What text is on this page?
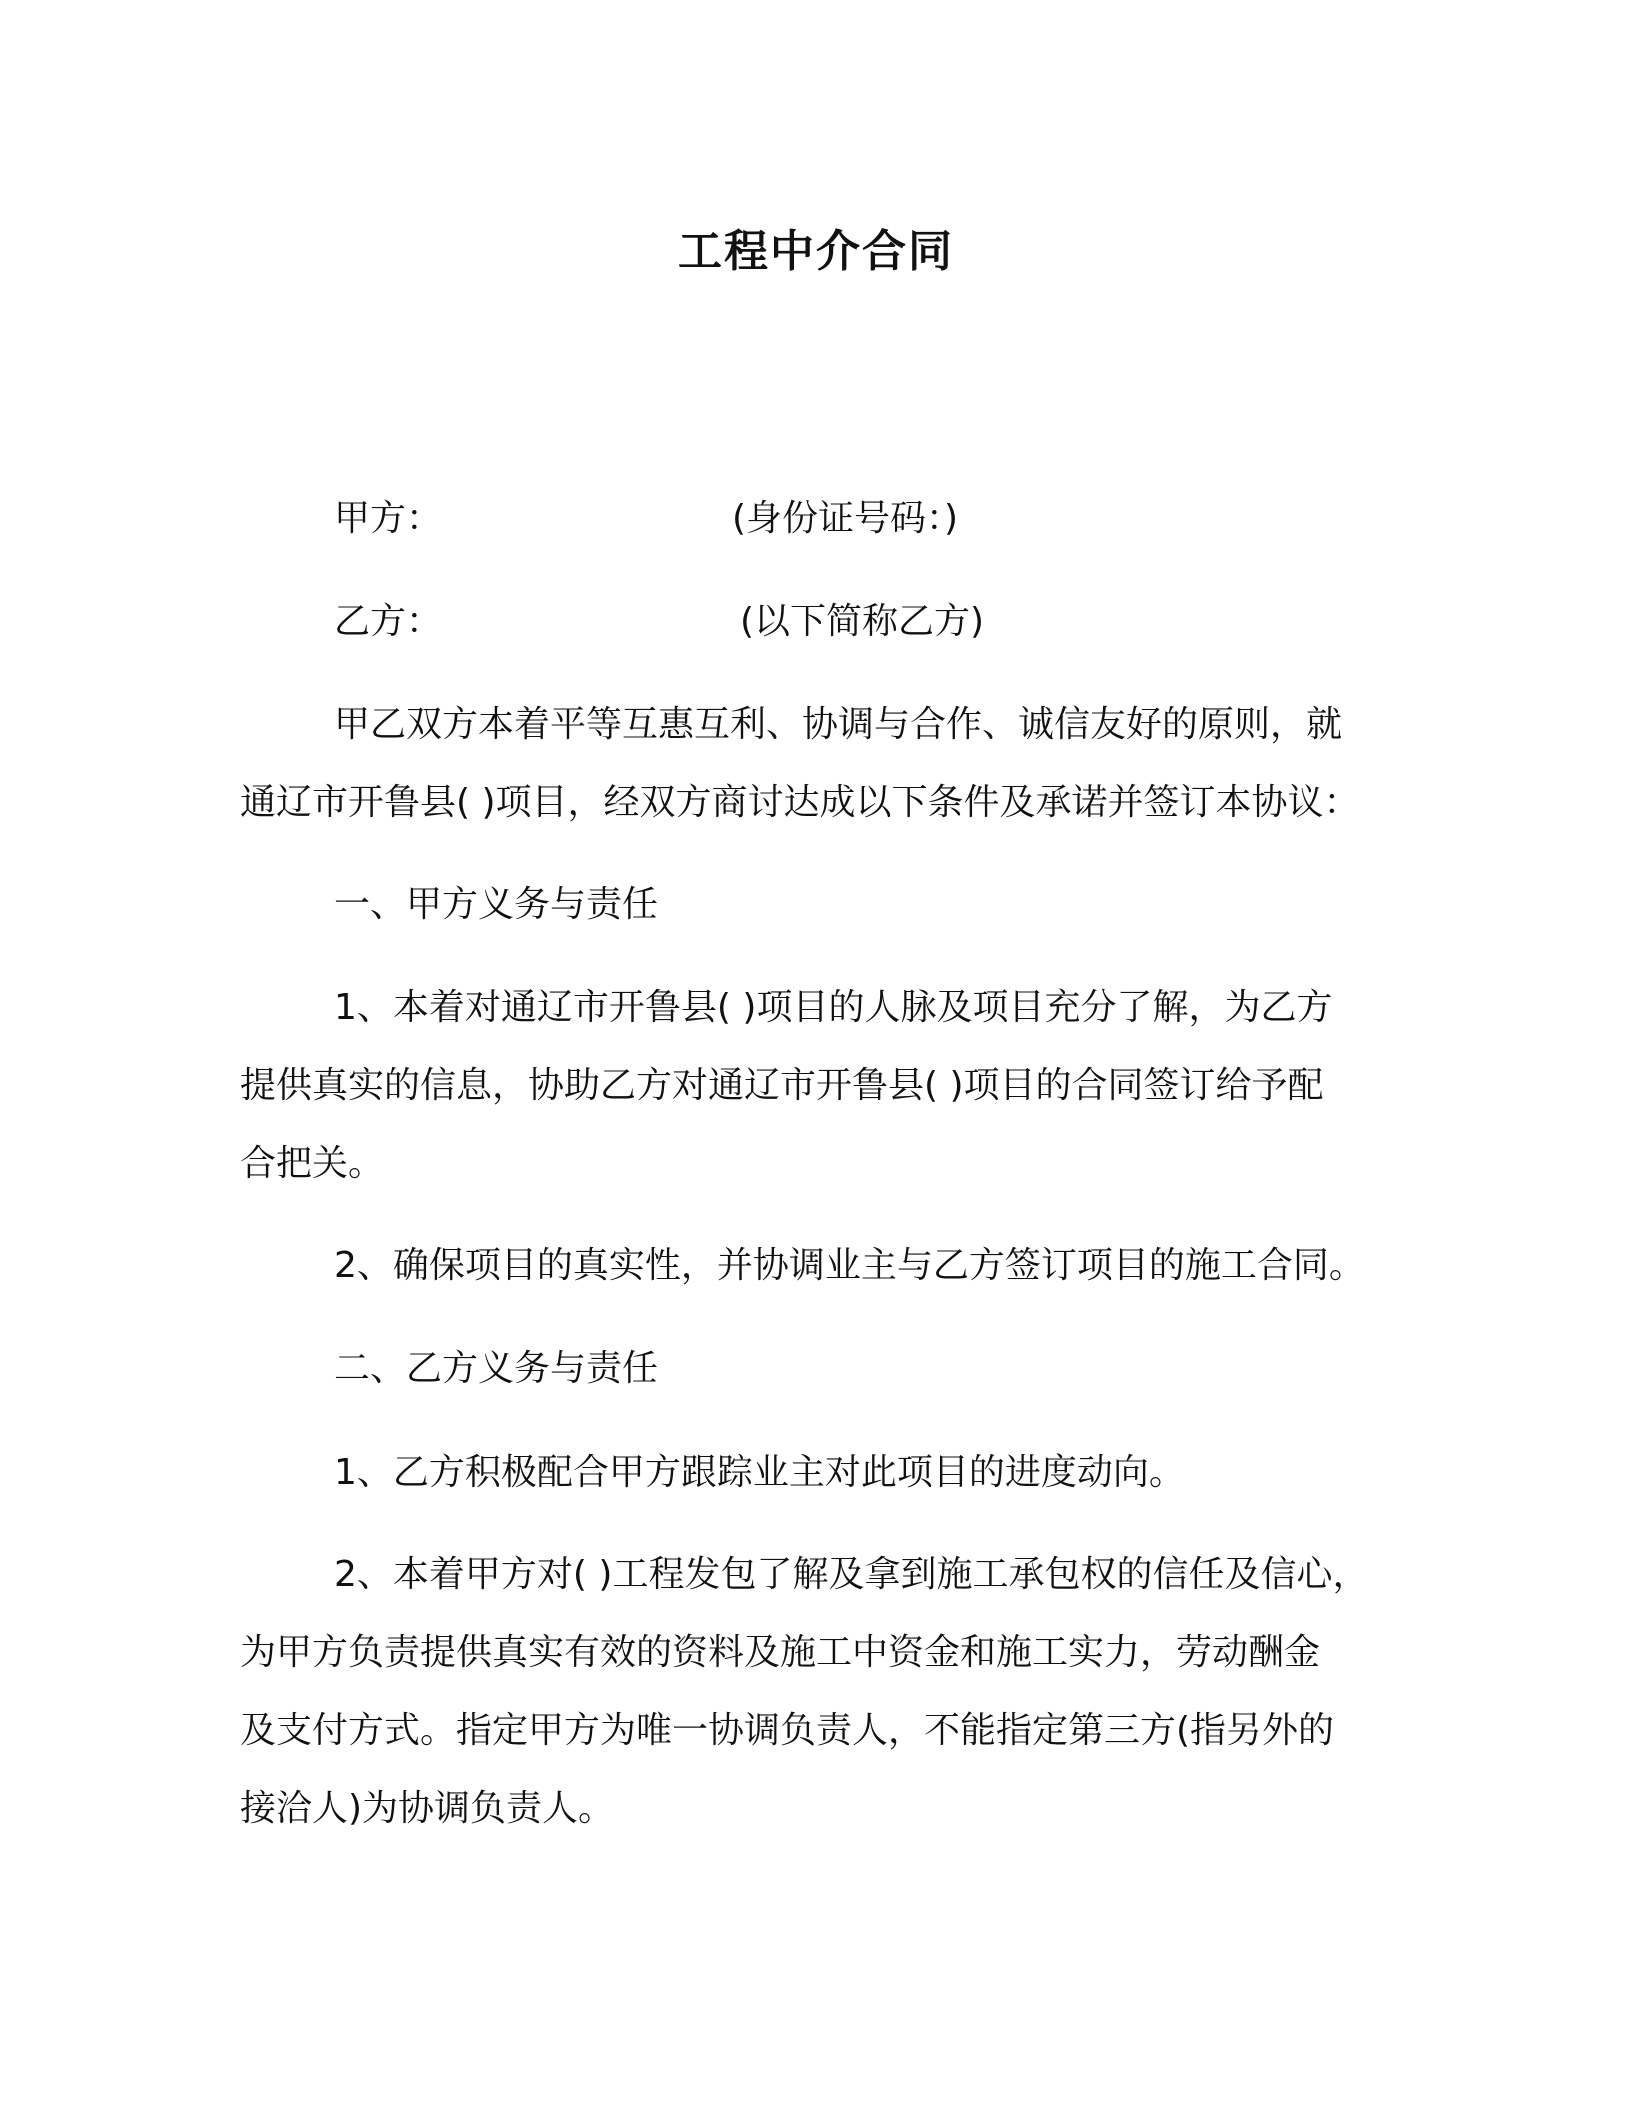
工程中介合同
甲方：	(身份证号码：)
乙方：	(以下简称乙方)
甲乙双方本着平等互惠互利、协调与合作、诚信友好的原则，就
通辽市开鲁县( )项目，经双方商讨达成以下条件及承诺并签订本协议：
一、甲方义务与责任
1、本着对通辽市开鲁县( )项目的人脉及项目充分了解，为乙方
提供真实的信息，协助乙方对通辽市开鲁县( )项目的合同签订给予配
合把关。
2、确保项目的真实性，并协调业主与乙方签订项目的施工合同。
二、乙方义务与责任
1、乙方积极配合甲方跟踪业主对此项目的进度动向。
2、本着甲方对( )工程发包了解及拿到施工承包权的信任及信心，
为甲方负责提供真实有效的资料及施工中资金和施工实力，劳动酬金
及支付方式。指定甲方为唯一协调负责人，不能指定第三方(指另外的
接洽人)为协调负责人。
